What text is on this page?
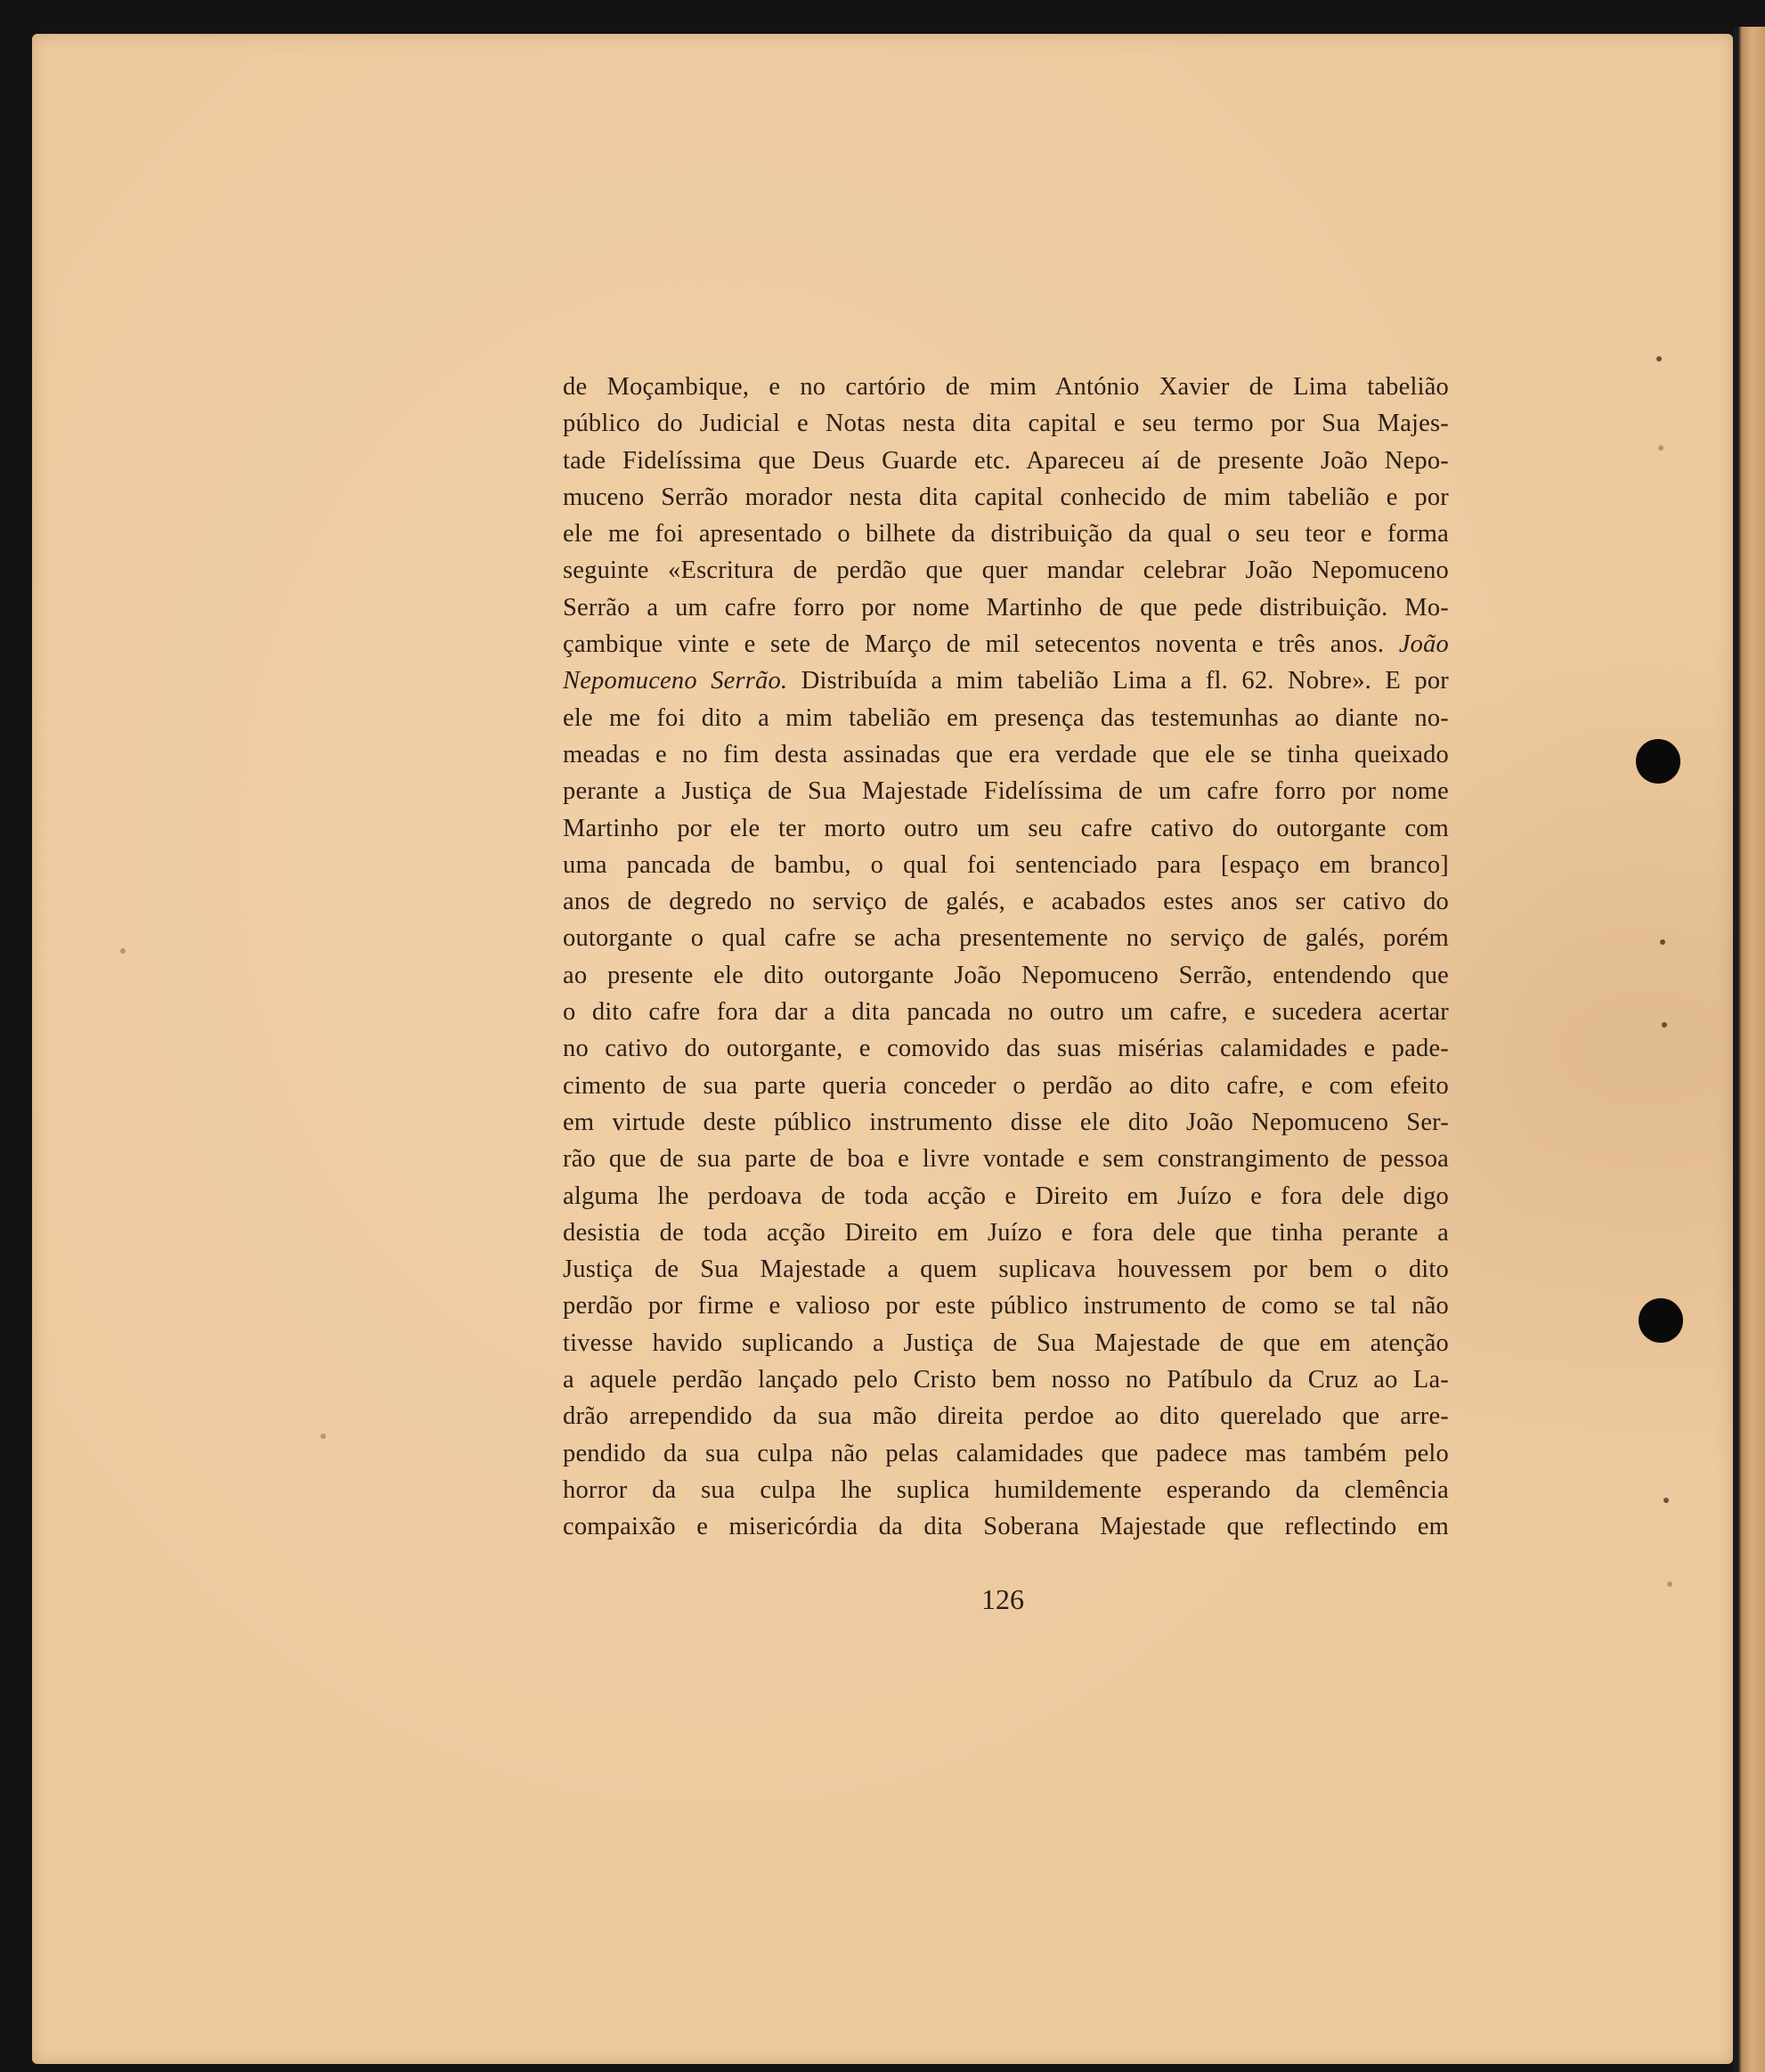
de Moçambique, e no cartório de mim António Xavier de Lima tabelião
público do Judicial e Notas nesta dita capital e seu termo por Sua Majes-
tade Fidelíssima que Deus Guarde etc. Apareceu aí de presente João Nepo-
muceno Serrão morador nesta dita capital conhecido de mim tabelião e por
ele me foi apresentado o bilhete da distribuição da qual o seu teor e forma
seguinte «Escritura de perdão que quer mandar celebrar João Nepomuceno
Serrão a um cafre forro por nome Martinho de que pede distribuição. Mo-
çambique vinte e sete de Março de mil setecentos noventa e três anos. João
Nepomuceno Serrão. Distribuída a mim tabelião Lima a fl. 62. Nobre». E por
ele me foi dito a mim tabelião em presença das testemunhas ao diante no-
meadas e no fim desta assinadas que era verdade que ele se tinha queixado
perante a Justiça de Sua Majestade Fidelíssima de um cafre forro por nome
Martinho por ele ter morto outro um seu cafre cativo do outorgante com
uma pancada de bambu, o qual foi sentenciado para [espaço em branco]
anos de degredo no serviço de galés, e acabados estes anos ser cativo do
outorgante o qual cafre se acha presentemente no serviço de galés, porém
ao presente ele dito outorgante João Nepomuceno Serrão, entendendo que
o dito cafre fora dar a dita pancada no outro um cafre, e sucedera acertar
no cativo do outorgante, e comovido das suas misérias calamidades e pade-
cimento de sua parte queria conceder o perdão ao dito cafre, e com efeito
em virtude deste público instrumento disse ele dito João Nepomuceno Ser-
rão que de sua parte de boa e livre vontade e sem constrangimento de pessoa
alguma lhe perdoava de toda acção e Direito em Juízo e fora dele digo
desistia de toda acção Direito em Juízo e fora dele que tinha perante a
Justiça de Sua Majestade a quem suplicava houvessem por bem o dito
perdão por firme e valioso por este público instrumento de como se tal não
tivesse havido suplicando a Justiça de Sua Majestade de que em atenção
a aquele perdão lançado pelo Cristo bem nosso no Patíbulo da Cruz ao La-
drão arrependido da sua mão direita perdoe ao dito querelado que arre-
pendido da sua culpa não pelas calamidades que padece mas também pelo
horror da sua culpa lhe suplica humildemente esperando da clemência
compaixão e misericórdia da dita Soberana Majestade que reflectindo em
126
